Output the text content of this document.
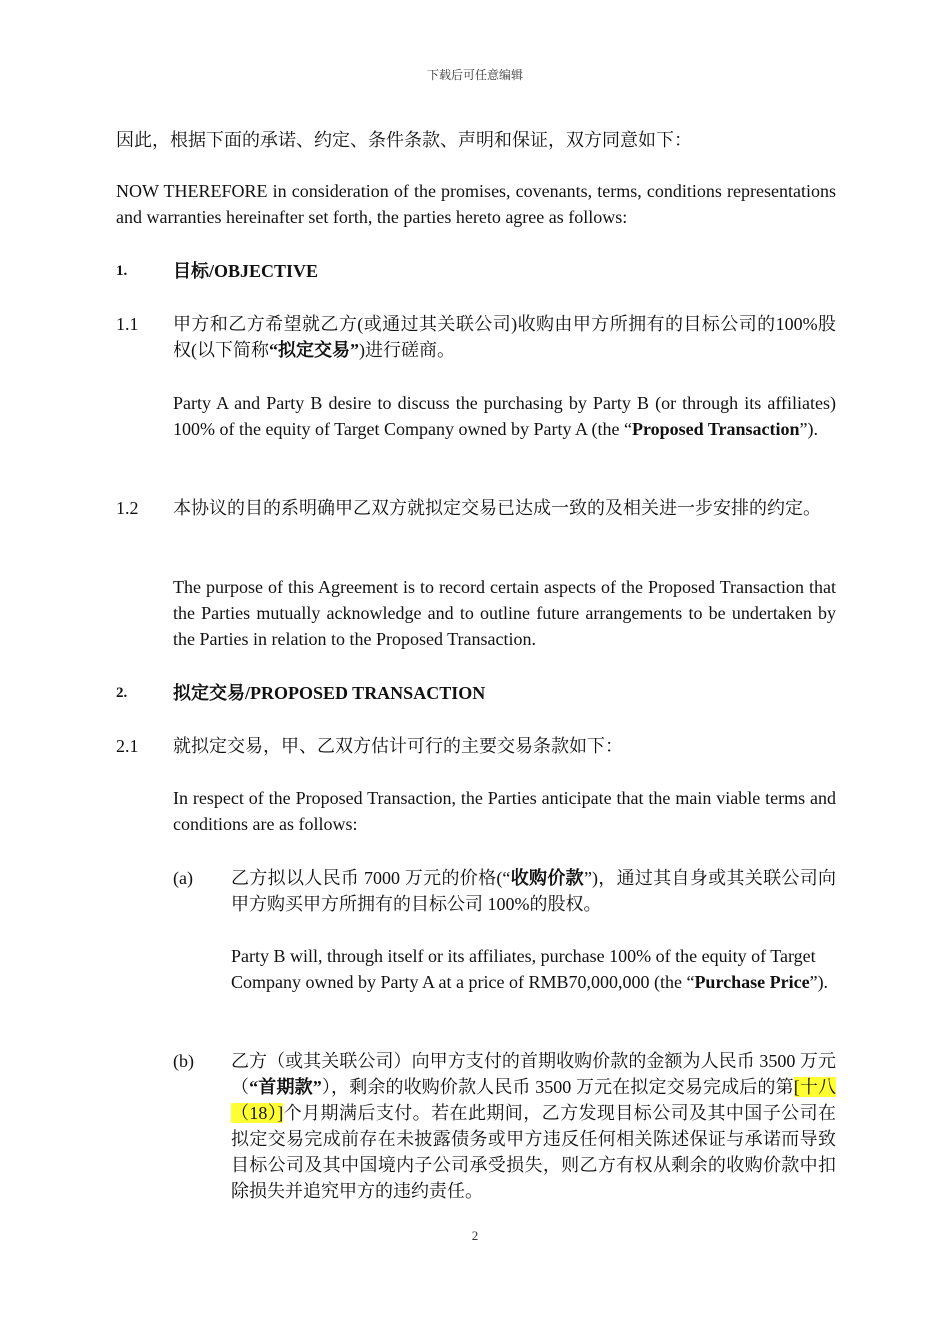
下载后可任意编辑
因此，根据下面的承诺、约定、条件条款、声明和保证，双方同意如下：
NOW THEREFORE in consideration of the promises, covenants, terms, conditions representations and warranties hereinafter set forth, the parties hereto agree as follows:
1.	目标/OBJECTIVE
1.1 甲方和乙方希望就乙方(或通过其关联公司)收购由甲方所拥有的目标公司的100%股权(以下简称“拟定交易”)进行磋商。
Party A and Party B desire to discuss the purchasing by Party B (or through its affiliates) 100% of the equity of Target Company owned by Party A (the “Proposed Transaction”).
1.2 本协议的目的系明确甲乙双方就拟定交易已达成一致的及相关进一步安排的约定。
The purpose of this Agreement is to record certain aspects of the Proposed Transaction that the Parties mutually acknowledge and to outline future arrangements to be undertaken by the Parties in relation to the Proposed Transaction.
2.	拟定交易/PROPOSED TRANSACTION
2.1 就拟定交易，甲、乙双方估计可行的主要交易条款如下：
In respect of the Proposed Transaction, the Parties anticipate that the main viable terms and conditions are as follows:
(a) 乙方拟以人民币 7000 万元的价格(“收购价款”)，通过其自身或其关联公司向甲方购买甲方所拥有的目标公司 100%的股权。
Party B will, through itself or its affiliates, purchase 100% of the equity of Target Company owned by Party A at a price of RMB70,000,000 (the “Purchase Price”).
(b) 乙方（或其关联公司）向甲方支付的首期收购价款的金额为人民币 3500 万元（“首期款”），剩余的收购价款人民币 3500 万元在拟定交易完成后的第[十八（18）]个月期满后支付。若在此期间，乙方发现目标公司及其中国子公司在拟定交易完成前存在未披露债务或甲方违反任何相关陈述保证与承诺而导致目标公司及其中国境内子公司承受损失，则乙方有权从剩余的收购价款中扣除损失并追究甲方的违约责任。
2
